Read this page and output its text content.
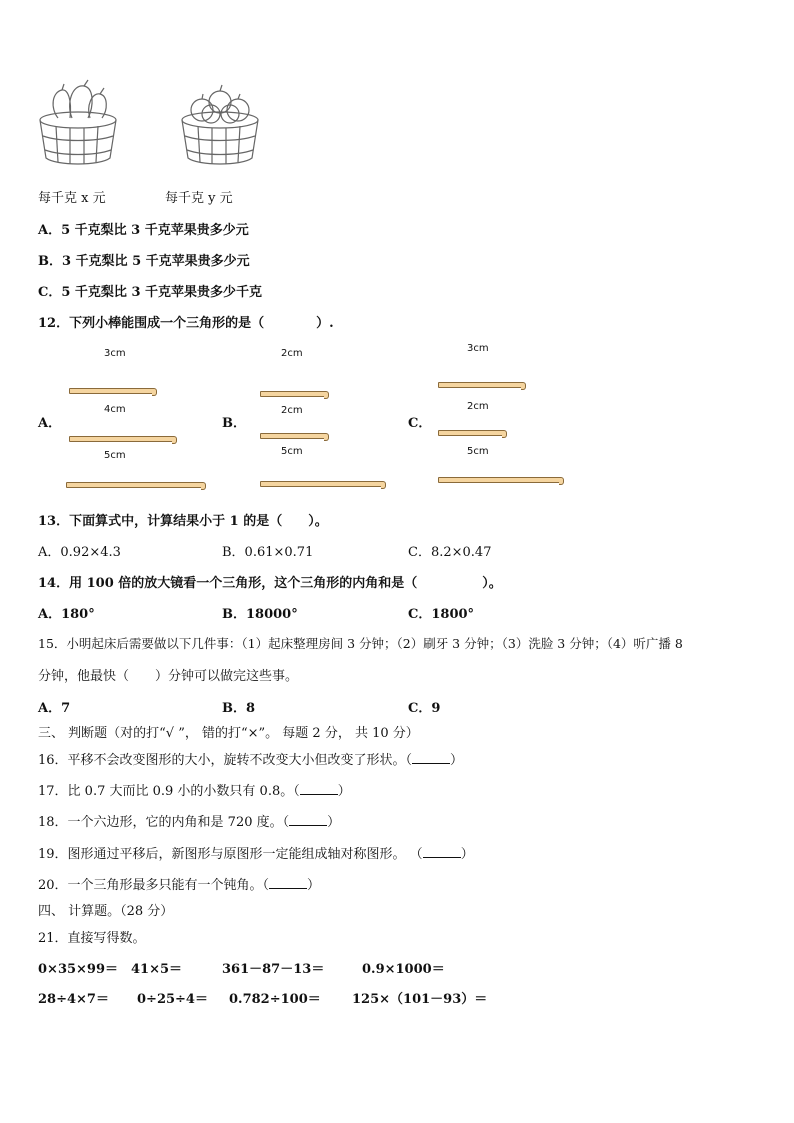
每千克 x 元	每千克 y 元
A．5 千克梨比 3 千克苹果贵多少元
B．3 千克梨比 5 千克苹果贵多少元
C．5 千克梨比 3 千克苹果贵多少千克
12．下列小棒能围成一个三角形的是（　　　　）.
A．
3cm
4cm
5cm
B．
2cm
2cm
5cm
C．
3cm
2cm
5cm
13．下面算式中，计算结果小于 1 的是（　　）。
A．0.92×4.3	B．0.61×0.71	C．8.2×0.47
14．用 100 倍的放大镜看一个三角形，这个三角形的内角和是（　　　　　）。
A．180°	B．18000°	C．1800°
15．小明起床后需要做以下几件事：（1）起床整理房间 3 分钟；（2）刷牙 3 分钟；（3）洗脸 3 分钟；（4）听广播 8
分钟，他最快（　　）分钟可以做完这些事。
A．7	B．8	C．9
三、 判断题（对的打“√ ”， 错的打“×”。 每题 2 分， 共 10 分）
16．平移不会改变图形的大小，旋转不改变大小但改变了形状。（	）
17．比 0.7 大而比 0.9 小的小数只有 0.8。（	）
18．一个六边形，它的内角和是 720 度。（	）
19．图形通过平移后，新图形与原图形一定能组成轴对称图形。 （	）
20．一个三角形最多只能有一个钝角。（	）
四、 计算题。（28 分）
21．直接写得数。
0×35×99＝ 41×5＝	361－87－13＝	0.9×1000＝
28÷4×7＝ 0÷25÷4＝ 0.782÷100＝ 125×（101－93）＝
